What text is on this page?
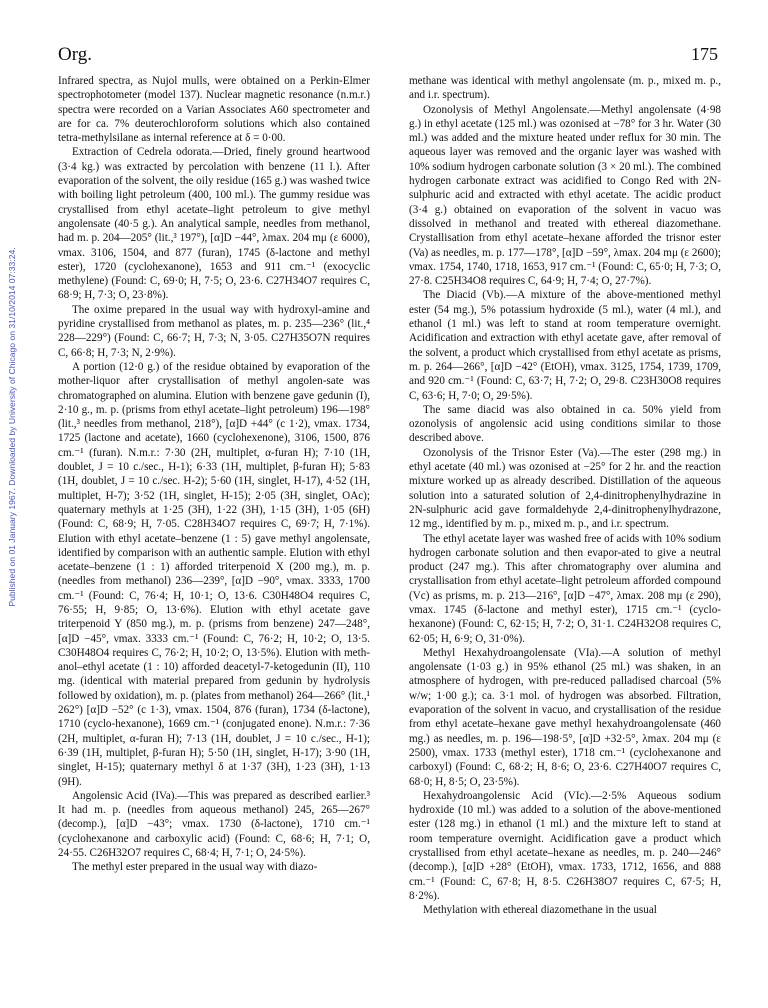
Org.	175
Published on 01 January 1967. Downloaded by University of Chicago on 31/10/2014 07:33:24.

Infrared spectra, as Nujol mulls, were obtained on a Perkin-Elmer spectrophotometer (model 137). Nuclear magnetic resonance (n.m.r.) spectra were recorded on a Varian Associates A60 spectrometer and are for ca. 7% deuterochloroform solutions which also contained tetra-methylsilane as internal reference at δ = 0·00.

Extraction of Cedrela odorata.—Dried, finely ground heartwood (3·4 kg.) was extracted by percolation with benzene (11 l.). After evaporation of the solvent, the oily residue (165 g.) was washed twice with boiling light petroleum (400, 100 ml.). The gummy residue was crystallised from ethyl acetate–light petroleum to give methyl angolensate (40·5 g.). An analytical sample, needles from methanol, had m. p. 204—205° (lit.,³ 197°), [α]D −44°, λmax. 204 mμ (ε 6000), νmax. 3106, 1504, and 877 (furan), 1745 (δ-lactone and methyl ester), 1720 (cyclohexanone), 1653 and 911 cm.⁻¹ (exocyclic methylene) (Found: C, 69·0; H, 7·5; O, 23·6. C27H34O7 requires C, 68·9; H, 7·3; O, 23·8%).

The oxime prepared in the usual way with hydroxyl-amine and pyridine crystallised from methanol as plates, m. p. 235—236° (lit.,⁴ 228—229°) (Found: C, 66·7; H, 7·3; N, 3·05. C27H35O7N requires C, 66·8; H, 7·3; N, 2·9%).

A portion (12·0 g.) of the residue obtained by evaporation of the mother-liquor after crystallisation of methyl angolen-sate was chromatographed on alumina. Elution with benzene gave gedunin (I), 2·10 g., m. p. (prisms from ethyl acetate–light petroleum) 196—198° (lit.,³ needles from methanol, 218°), [α]D +44° (c 1·2), νmax. 1734, 1725 (lactone and acetate), 1660 (cyclohexenone), 3106, 1500, 876 cm.⁻¹ (furan). N.m.r.: 7·30 (2H, multiplet, α-furan H); 7·10 (1H, doublet, J = 10 c./sec., H-1); 6·33 (1H, multiplet, β-furan H); 5·83 (1H, doublet, J = 10 c./sec. H-2); 5·60 (1H, singlet, H-17), 4·52 (1H, multiplet, H-7); 3·52 (1H, singlet, H-15); 2·05 (3H, singlet, OAc); quaternary methyls at 1·25 (3H), 1·22 (3H), 1·15 (3H), 1·05 (6H) (Found: C, 68·9; H, 7·05. C28H34O7 requires C, 69·7; H, 7·1%). Elution with ethyl acetate–benzene (1 : 5) gave methyl angolensate, identified by comparison with an authentic sample. Elution with ethyl acetate–benzene (1 : 1) afforded triterpenoid X (200 mg.), m. p. (needles from methanol) 236—239°, [α]D −90°, νmax. 3333, 1700 cm.⁻¹ (Found: C, 76·4; H, 10·1; O, 13·6. C30H48O4 requires C, 76·55; H, 9·85; O, 13·6%). Elution with ethyl acetate gave triterpenoid Y (850 mg.), m. p. (prisms from benzene) 247—248°, [α]D −45°, νmax. 3333 cm.⁻¹ (Found: C, 76·2; H, 10·2; O, 13·5. C30H48O4 requires C, 76·2; H, 10·2; O, 13·5%). Elution with meth-anol–ethyl acetate (1 : 10) afforded deacetyl-7-ketogedunin (II), 110 mg. (identical with material prepared from gedunin by hydrolysis followed by oxidation), m. p. (plates from methanol) 264—266° (lit.,¹ 262°) [α]D −52° (c 1·3), νmax. 1504, 876 (furan), 1734 (δ-lactone), 1710 (cyclo-hexanone), 1669 cm.⁻¹ (conjugated enone). N.m.r.: 7·36 (2H, multiplet, α-furan H); 7·13 (1H, doublet, J = 10 c./sec., H-1); 6·39 (1H, multiplet, β-furan H); 5·50 (1H, singlet, H-17); 3·90 (1H, singlet, H-15); quaternary methyl δ at 1·37 (3H), 1·23 (3H), 1·13 (9H).

Angolensic Acid (IVa).—This was prepared as described earlier.³ It had m. p. (needles from aqueous methanol) 245, 265—267° (decomp.), [α]D −43°; νmax. 1730 (δ-lactone), 1710 cm.⁻¹ (cyclohexanone and carboxylic acid) (Found: C, 68·6; H, 7·1; O, 24·55. C26H32O7 requires C, 68·4; H, 7·1; O, 24·5%).

The methyl ester prepared in the usual way with diazo-

methane was identical with methyl angolensate (m. p., mixed m. p., and i.r. spectrum).

Ozonolysis of Methyl Angolensate.—Methyl angolensate (4·98 g.) in ethyl acetate (125 ml.) was ozonised at −78° for 3 hr. Water (30 ml.) was added and the mixture heated under reflux for 30 min. The aqueous layer was removed and the organic layer was washed with 10% sodium hydrogen carbonate solution (3 × 20 ml.). The combined hydrogen carbonate extract was acidified to Congo Red with 2N-sulphuric acid and extracted with ethyl acetate. The acidic product (3·4 g.) obtained on evaporation of the solvent in vacuo was dissolved in methanol and treated with ethereal diazomethane. Crystallisation from ethyl acetate–hexane afforded the trisnor ester (Va) as needles, m. p. 177—178°, [α]D −59°, λmax. 204 mμ (ε 2600); νmax. 1754, 1740, 1718, 1653, 917 cm.⁻¹ (Found: C, 65·0; H, 7·3; O, 27·8. C25H34O8 requires C, 64·9; H, 7·4; O, 27·7%).

The Diacid (Vb).—A mixture of the above-mentioned methyl ester (54 mg.), 5% potassium hydroxide (5 ml.), water (4 ml.), and ethanol (1 ml.) was left to stand at room temperature overnight. Acidification and extraction with ethyl acetate gave, after removal of the solvent, a product which crystallised from ethyl acetate as prisms, m. p. 264—266°, [α]D −42° (EtOH), νmax. 3125, 1754, 1739, 1709, and 920 cm.⁻¹ (Found: C, 63·7; H, 7·2; O, 29·8. C23H30O8 requires C, 63·6; H, 7·0; O, 29·5%).

The same diacid was also obtained in ca. 50% yield from ozonolysis of angolensic acid using conditions similar to those described above.

Ozonolysis of the Trisnor Ester (Va).—The ester (298 mg.) in ethyl acetate (40 ml.) was ozonised at −25° for 2 hr. and the reaction mixture worked up as already described. Distillation of the aqueous solution into a saturated solution of 2,4-dinitrophenylhydrazine in 2N-sulphuric acid gave formaldehyde 2,4-dinitrophenylhydrazone, 12 mg., identified by m. p., mixed m. p., and i.r. spectrum.

The ethyl acetate layer was washed free of acids with 10% sodium hydrogen carbonate solution and then evapor-ated to give a neutral product (247 mg.). This after chromatography over alumina and crystallisation from ethyl acetate–light petroleum afforded compound (Vc) as prisms, m. p. 213—216°, [α]D −47°, λmax. 208 mμ (ε 290), νmax. 1745 (δ-lactone and methyl ester), 1715 cm.⁻¹ (cyclo-hexanone) (Found: C, 62·15; H, 7·2; O, 31·1. C24H32O8 requires C, 62·05; H, 6·9; O, 31·0%).

Methyl Hexahydroangolensate (VIa).—A solution of methyl angolensate (1·03 g.) in 95% ethanol (25 ml.) was shaken, in an atmosphere of hydrogen, with pre-reduced palladised charcoal (5% w/w; 1·00 g.); ca. 3·1 mol. of hydrogen was absorbed. Filtration, evaporation of the solvent in vacuo, and crystallisation of the residue from ethyl acetate–hexane gave methyl hexahydroangolensate (460 mg.) as needles, m. p. 196—198·5°, [α]D +32·5°, λmax. 204 mμ (ε 2500), νmax. 1733 (methyl ester), 1718 cm.⁻¹ (cyclohexanone and carboxyl) (Found: C, 68·2; H, 8·6; O, 23·6. C27H40O7 requires C, 68·0; H, 8·5; O, 23·5%).

Hexahydroangolensic Acid (VIc).—2·5% Aqueous sodium hydroxide (10 ml.) was added to a solution of the above-mentioned ester (128 mg.) in ethanol (1 ml.) and the mixture left to stand at room temperature overnight. Acidification gave a product which crystallised from ethyl acetate–hexane as needles, m. p. 240—246° (decomp.), [α]D +28° (EtOH), νmax. 1733, 1712, 1656, and 888 cm.⁻¹ (Found: C, 67·8; H, 8·5. C26H38O7 requires C, 67·5; H, 8·2%).

Methylation with ethereal diazomethane in the usual
